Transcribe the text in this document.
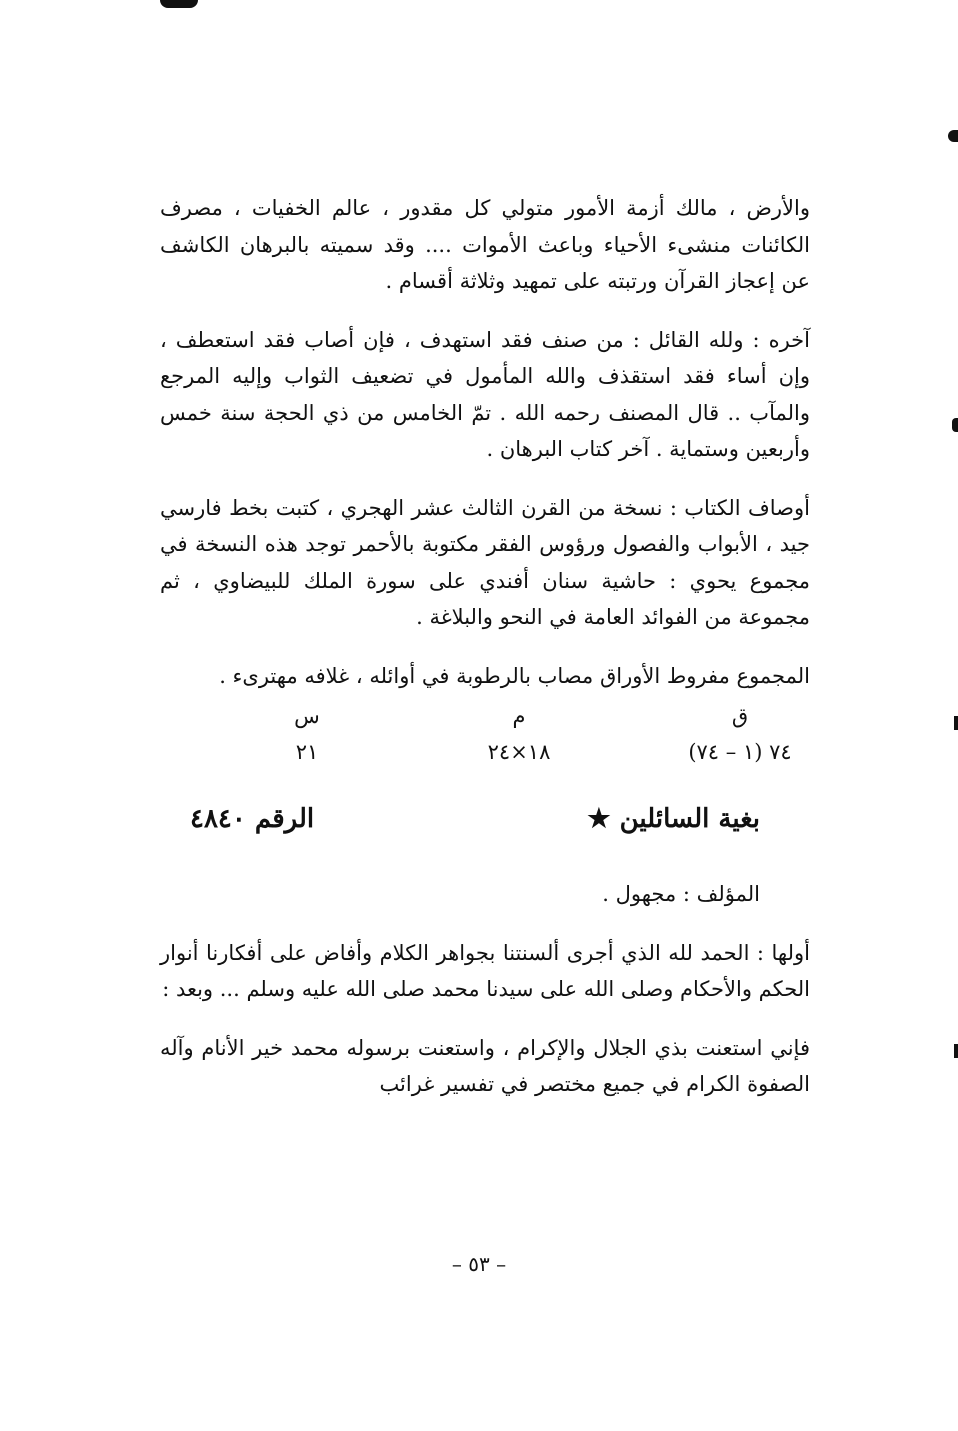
والأرض ، مالك أزمة الأمور متولي كل مقدور ، عالم الخفيات ، مصرف الكائنات منشىء الأحياء وباعث الأموات .... وقد سميته بالبرهان الكاشف عن إعجاز القرآن ورتبته على تمهيد وثلاثة أقسام .

آخره : ولله القائل : من صنف فقد استهدف ، فإن أصاب فقد استعطف ، وإن أساء فقد استقذف والله المأمول في تضعيف الثواب وإليه المرجع والمآب .. قال المصنف رحمه الله . تمّ الخامس من ذي الحجة سنة خمس وأربعين وستماية . آخر كتاب البرهان .

أوصاف الكتاب : نسخة من القرن الثالث عشر الهجري ، كتبت بخط فارسي جيد ، الأبواب والفصول ورؤوس الفقر مكتوبة بالأحمر توجد هذه النسخة في مجموع يحوي : حاشية سنان أفندي على سورة الملك للبيضاوي ، ثم مجموعة من الفوائد العامة في النحو والبلاغة .

المجموع مفروط الأوراق مصاب بالرطوبة في أوائله ، غلافه مهترىء .

ق
٧٤ (١ – ٧٤)
م
١٨×٢٤
س
٢١
بغية السائلين ★
الرقم ٤٨٤٠

المؤلف : مجهول .

أولها : الحمد لله الذي أجرى ألسنتنا بجواهر الكلام وأفاض على أفكارنا أنوار الحكم والأحكام وصلى الله على سيدنا محمد صلى الله عليه وسلم ... وبعد :

فإني استعنت بذي الجلال والإكرام ، واستعنت برسوله محمد خير الأنام وآله الصفوة الكرام في جميع مختصر في تفسير غرائب

– ٥٣ –
